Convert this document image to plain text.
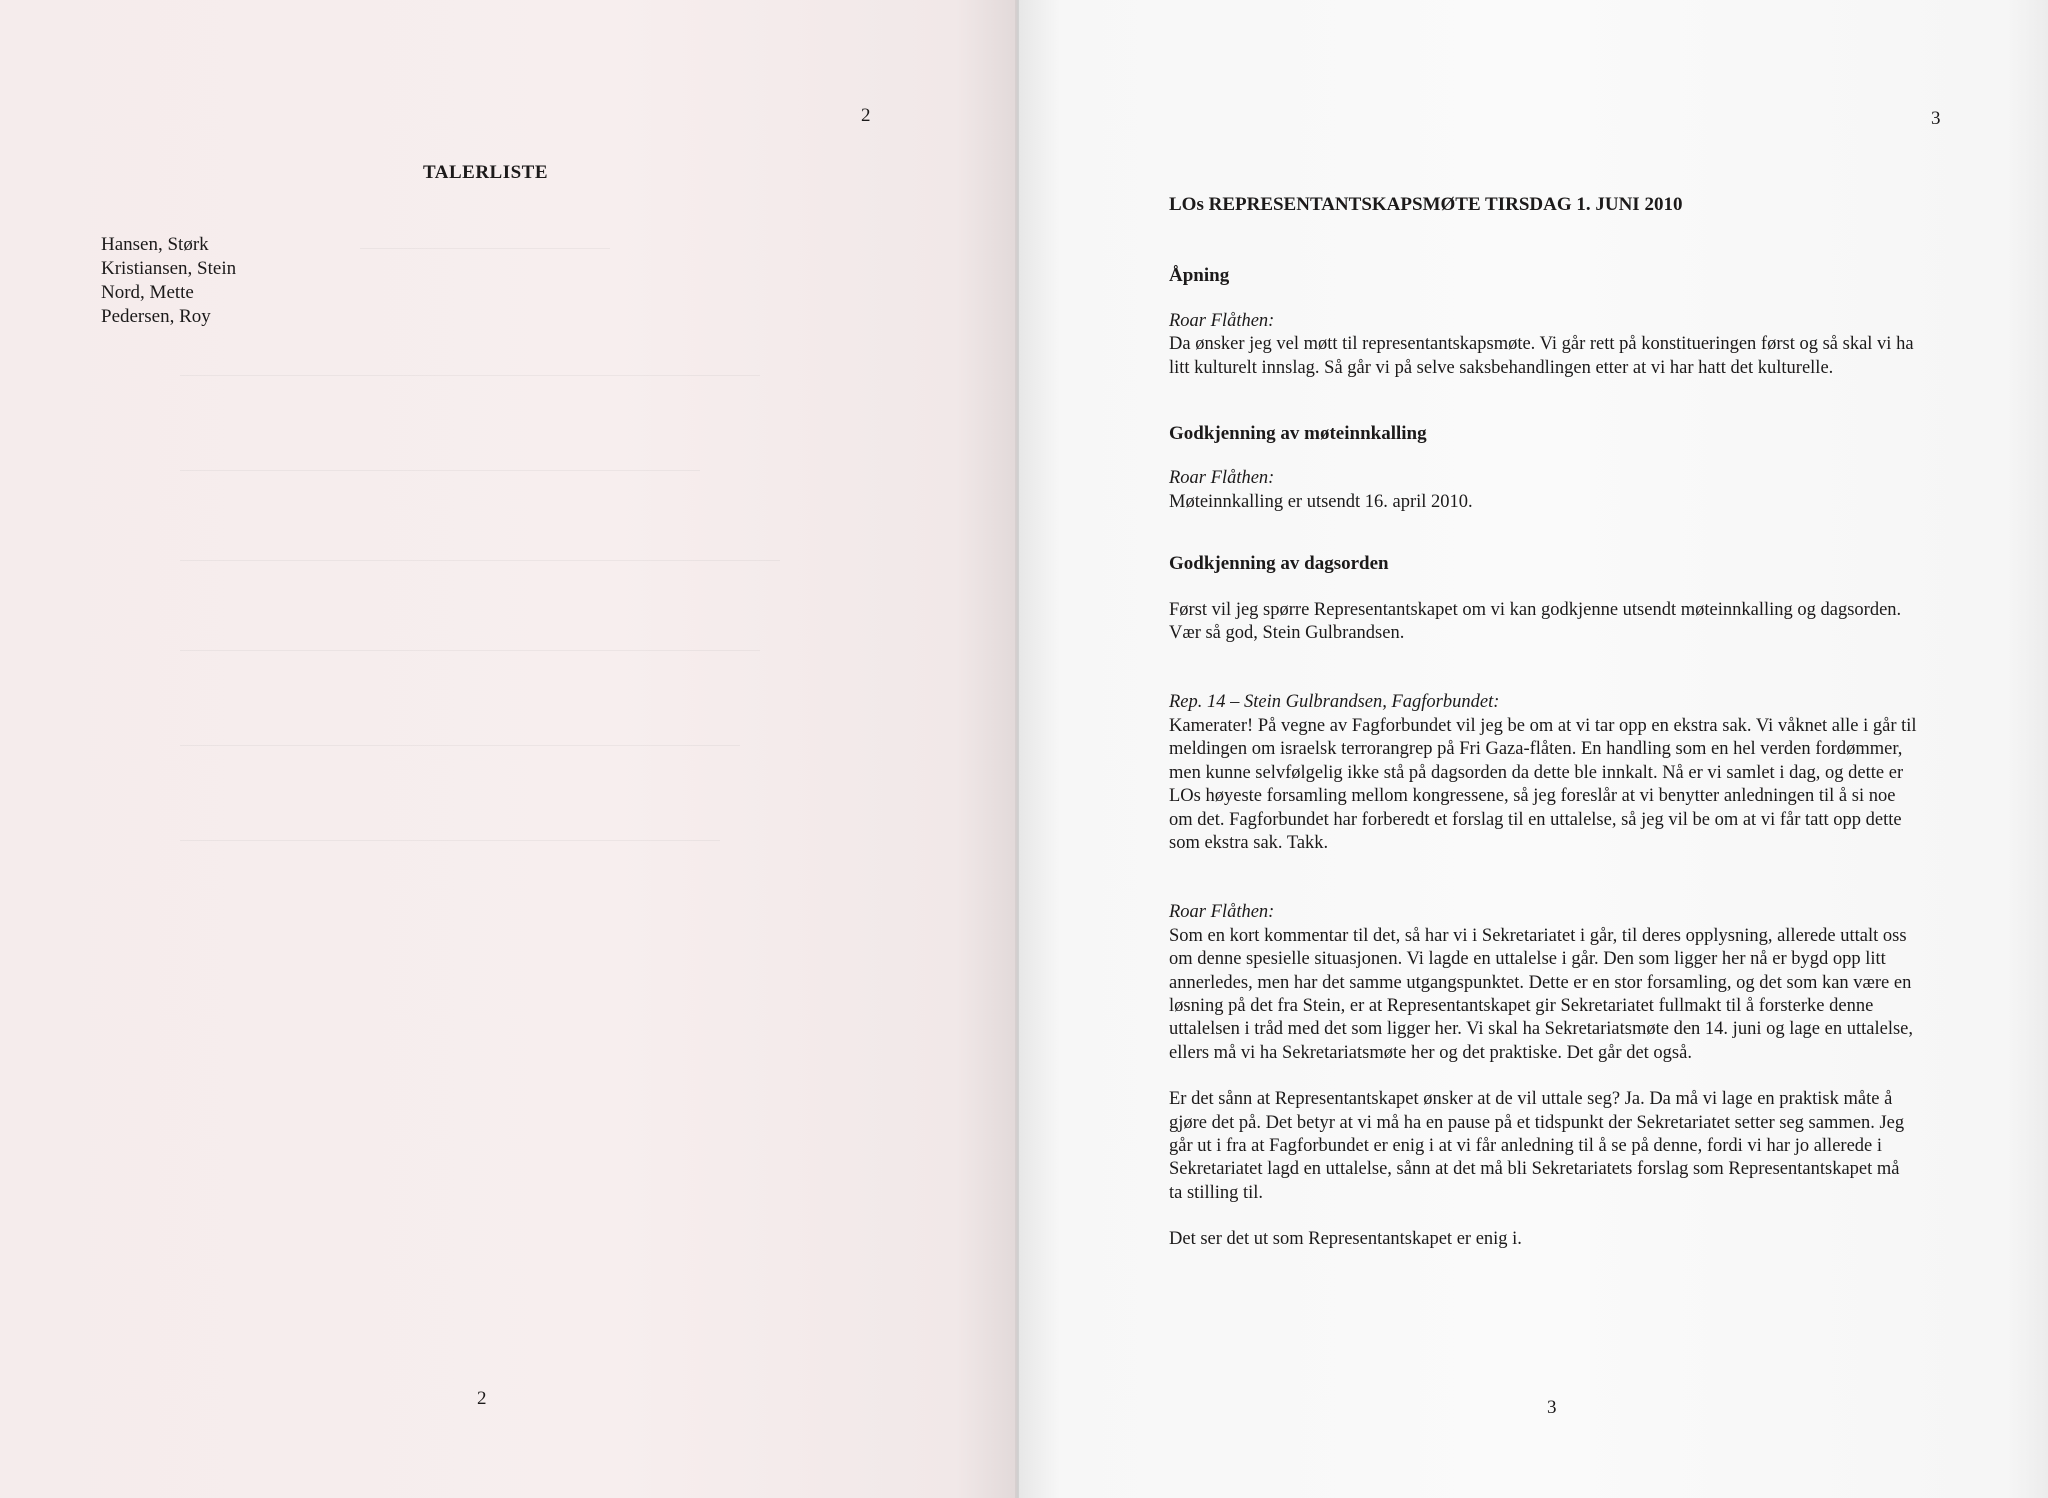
2
TALERLISTE
Hansen, Størk
Kristiansen, Stein
Nord, Mette
Pedersen, Roy
2
3
LOs REPRESENTANTSKAPSMØTE TIRSDAG 1. JUNI 2010
Åpning
Roar Flåthen:

Da ønsker jeg vel møtt til representantskapsmøte. Vi går rett på konstitueringen først og så skal vi ha litt kulturelt innslag. Så går vi på selve saksbehandlingen etter at vi har hatt det kulturelle.

Godkjenning av møteinnkalling
Roar Flåthen:

Møteinnkalling er utsendt 16. april 2010.

Godkjenning av dagsorden

Først vil jeg spørre Representantskapet om vi kan godkjenne utsendt møteinnkalling og dagsorden. Vær så god, Stein Gulbrandsen.

Rep. 14 – Stein Gulbrandsen, Fagforbundet:

Kamerater! På vegne av Fagforbundet vil jeg be om at vi tar opp en ekstra sak. Vi våknet alle i går til meldingen om israelsk terrorangrep på Fri Gaza-flåten. En handling som en hel verden fordømmer, men kunne selvfølgelig ikke stå på dagsorden da dette ble innkalt. Nå er vi samlet i dag, og dette er LOs høyeste forsamling mellom kongressene, så jeg foreslår at vi benytter anledningen til å si noe om det. Fagforbundet har forberedt et forslag til en uttalelse, så jeg vil be om at vi får tatt opp dette som ekstra sak. Takk.

Roar Flåthen:

Som en kort kommentar til det, så har vi i Sekretariatet i går, til deres opplysning, allerede uttalt oss om denne spesielle situasjonen. Vi lagde en uttalelse i går. Den som ligger her nå er bygd opp litt annerledes, men har det samme utgangspunktet. Dette er en stor forsamling, og det som kan være en løsning på det fra Stein, er at Representantskapet gir Sekretariatet fullmakt til å forsterke denne uttalelsen i tråd med det som ligger her. Vi skal ha Sekretariatsmøte den 14. juni og lage en uttalelse, ellers må vi ha Sekretariatsmøte her og det praktiske. Det går det også.

Er det sånn at Representantskapet ønsker at de vil uttale seg? Ja. Da må vi lage en praktisk måte å gjøre det på. Det betyr at vi må ha en pause på et tidspunkt der Sekretariatet setter seg sammen. Jeg går ut i fra at Fagforbundet er enig i at vi får anledning til å se på denne, fordi vi har jo allerede i Sekretariatet lagd en uttalelse, sånn at det må bli Sekretariatets forslag som Representantskapet må ta stilling til.

Det ser det ut som Representantskapet er enig i.

3
